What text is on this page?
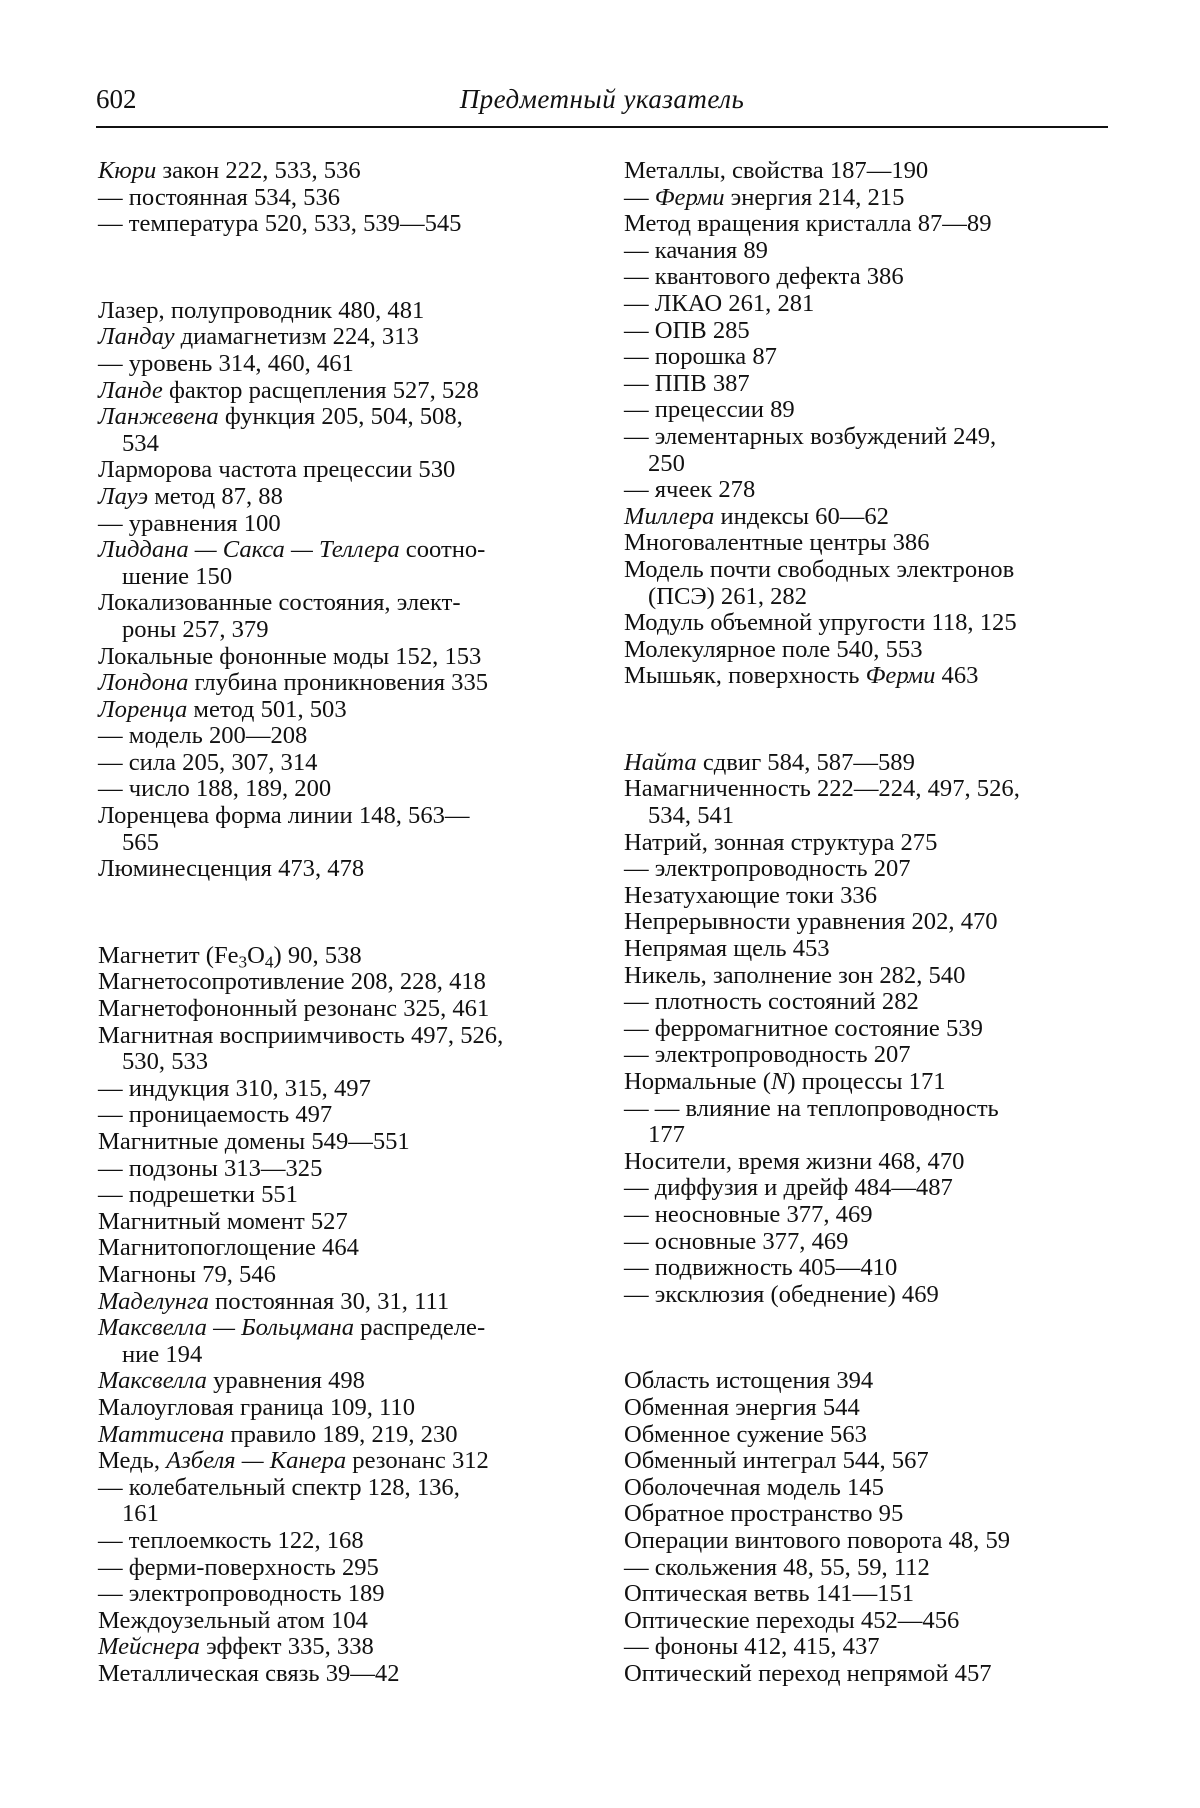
602	Предметный указатель
Кюри закон 222, 533, 536
— постоянная 534, 536
— температура 520, 533, 539—545
Лазер, полупроводник 480, 481
Ландау диамагнетизм 224, 313
— уровень 314, 460, 461
Ланде фактор расщепления 527, 528
Ланжевена функция 205, 504, 508,
534
Ларморова частота прецессии 530
Лауэ метод 87, 88
— уравнения 100
Лиддана — Сакса — Теллера соотно-
шение 150
Локализованные состояния, элект-
роны 257, 379
Локальные фононные моды 152, 153
Лондона глубина проникновения 335
Лоренца метод 501, 503
— модель 200—208
— сила 205, 307, 314
— число 188, 189, 200
Лоренцева форма линии 148, 563—
565
Люминесценция 473, 478
Магнетит $(Fe_3O_4)$ 90, 538
Магнетосопротивление 208, 228, 418
Магнетофононный резонанс 325, 461
Магнитная восприимчивость 497, 526,
530, 533
— индукция 310, 315, 497
— проницаемость 497
Магнитные домены 549—551
— подзоны 313—325
— подрешетки 551
Магнитный момент 527
Магнитопоглощение 464
Магноны 79, 546
Маделунга постоянная 30, 31, 111
Максвелла — Больцмана распределе-
ние 194
Максвелла уравнения 498
Малоугловая граница 109, 110
Маттисена правило 189, 219, 230
Медь, Азбеля — Канера резонанс 312
— колебательный спектр 128, 136,
161
— теплоемкость 122, 168
— ферми-поверхность 295
— электропроводность 189
Междоузельный атом 104
Мейснера эффект 335, 338
Металлическая связь 39—42
Металлы, свойства 187—190
— Ферми энергия 214, 215
Метод вращения кристалла 87—89
— качания 89
— квантового дефекта 386
— ЛКАО 261, 281
— ОПВ 285
— порошка 87
— ППВ 387
— прецессии 89
— элементарных возбуждений 249,
250
— ячеек 278
Миллера индексы 60—62
Многовалентные центры 386
Модель почти свободных электронов
(ПСЭ) 261, 282
Модуль объемной упругости 118, 125
Молекулярное поле 540, 553
Мышьяк, поверхность Ферми 463
Найта сдвиг 584, 587—589
Намагниченность 222—224, 497, 526,
534, 541
Натрий, зонная структура 275
— электропроводность 207
Незатухающие токи 336
Непрерывности уравнения 202, 470
Непрямая щель 453
Никель, заполнение зон 282, 540
— плотность состояний 282
— ферромагнитное состояние 539
— электропроводность 207
Нормальные (N) процессы 171
— — влияние на теплопроводность
177
Носители, время жизни 468, 470
— диффузия и дрейф 484—487
— неосновные 377, 469
— основные 377, 469
— подвижность 405—410
— эксклюзия (обеднение) 469
Область истощения 394
Обменная энергия 544
Обменное сужение 563
Обменный интеграл 544, 567
Оболочечная модель 145
Обратное пространство 95
Операции винтового поворота 48, 59
— скольжения 48, 55, 59, 112
Оптическая ветвь 141—151
Оптические переходы 452—456
— фононы 412, 415, 437
Оптический переход непрямой 457
